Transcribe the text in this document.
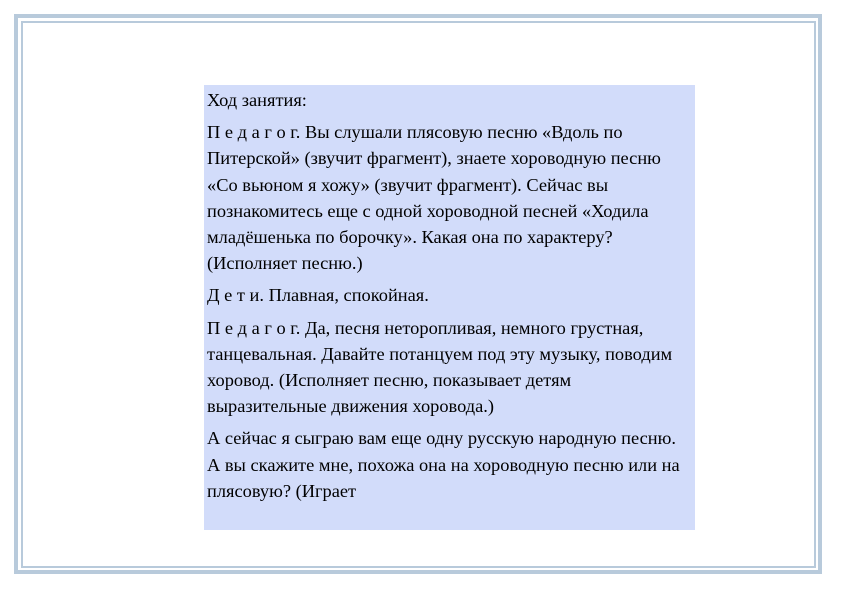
Ход занятия:

П е д а г о г. Вы слушали плясовую песню «Вдоль по Питерской» (звучит фрагмент), знаете хороводную песню «Со вьюном я хожу» (звучит фрагмент). Сейчас вы познакомитесь еще с одной хороводной песней «Ходила младёшенька по борочку». Какая она по характеру? (Исполняет песню.)

Д е т и. Плавная, спокойная.

П е д а г о г. Да, песня неторопливая, немного грустная, танцевальная. Давайте потанцуем под эту музыку, поводим хоровод. (Исполняет песню, показывает детям выразительные движения хоровода.)

А сейчас я сыграю вам еще одну русскую народную песню. А вы скажите мне, похожа она на хороводную песню или на плясовую? (Играет
